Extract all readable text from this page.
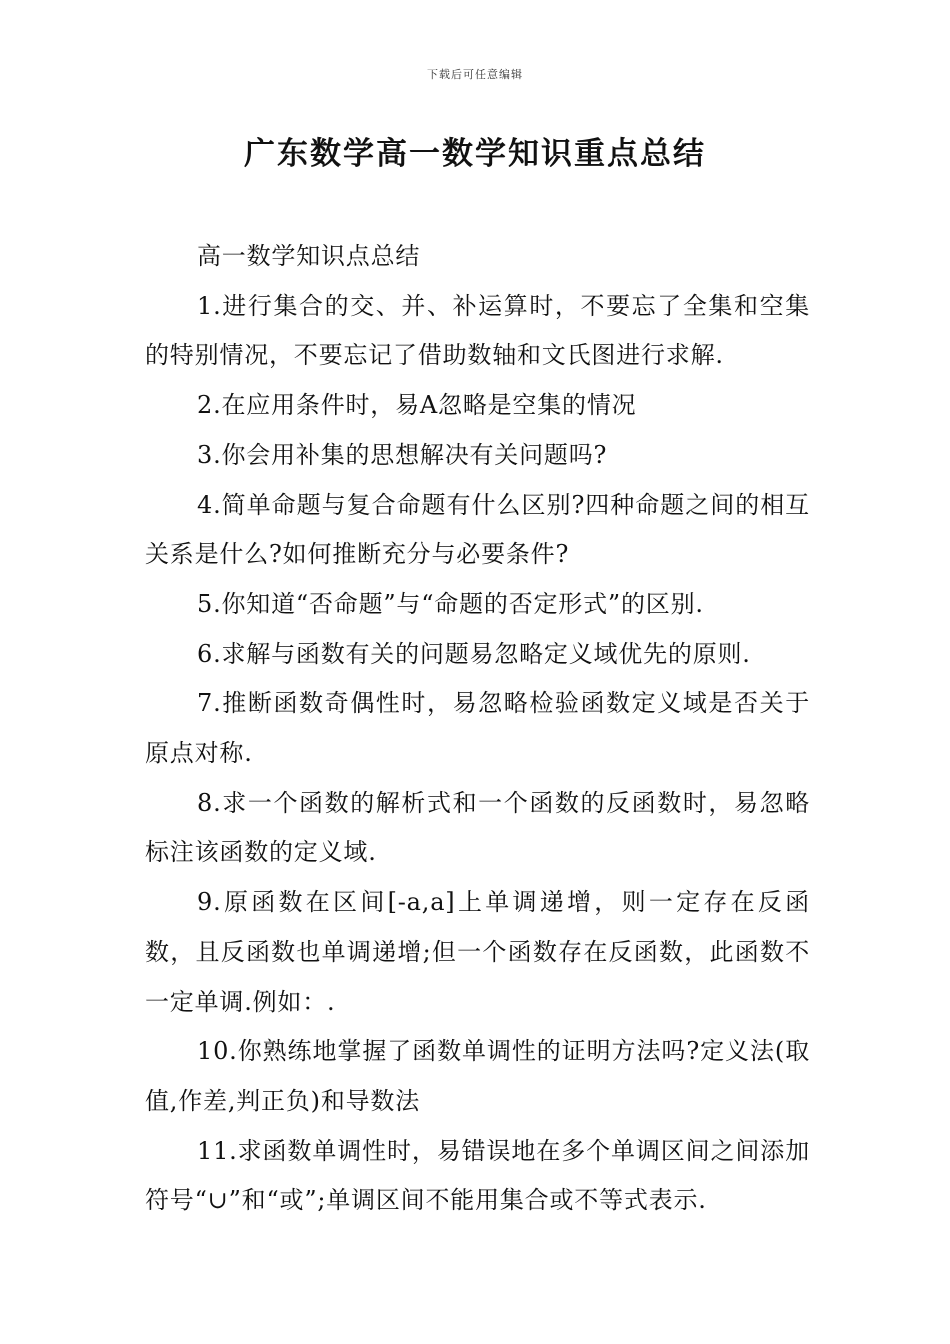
下载后可任意编辑
广东数学高一数学知识重点总结

高一数学知识点总结

1.进行集合的交、并、补运算时，不要忘了全集和空集的特别情况，不要忘记了借助数轴和文氏图进行求解.

2.在应用条件时，易A忽略是空集的情况

3.你会用补集的思想解决有关问题吗?

4.简单命题与复合命题有什么区别?四种命题之间的相互关系是什么?如何推断充分与必要条件?

5.你知道“否命题”与“命题的否定形式”的区别.

6.求解与函数有关的问题易忽略定义域优先的原则.

7.推断函数奇偶性时，易忽略检验函数定义域是否关于原点对称.

8.求一个函数的解析式和一个函数的反函数时，易忽略标注该函数的定义域.

9.原函数在区间[-a,a]上单调递增，则一定存在反函数，且反函数也单调递增;但一个函数存在反函数，此函数不一定单调.例如：.

10.你熟练地掌握了函数单调性的证明方法吗?定义法(取值,作差,判正负)和导数法

11.求函数单调性时，易错误地在多个单调区间之间添加符号“∪”和“或”;单调区间不能用集合或不等式表示.
